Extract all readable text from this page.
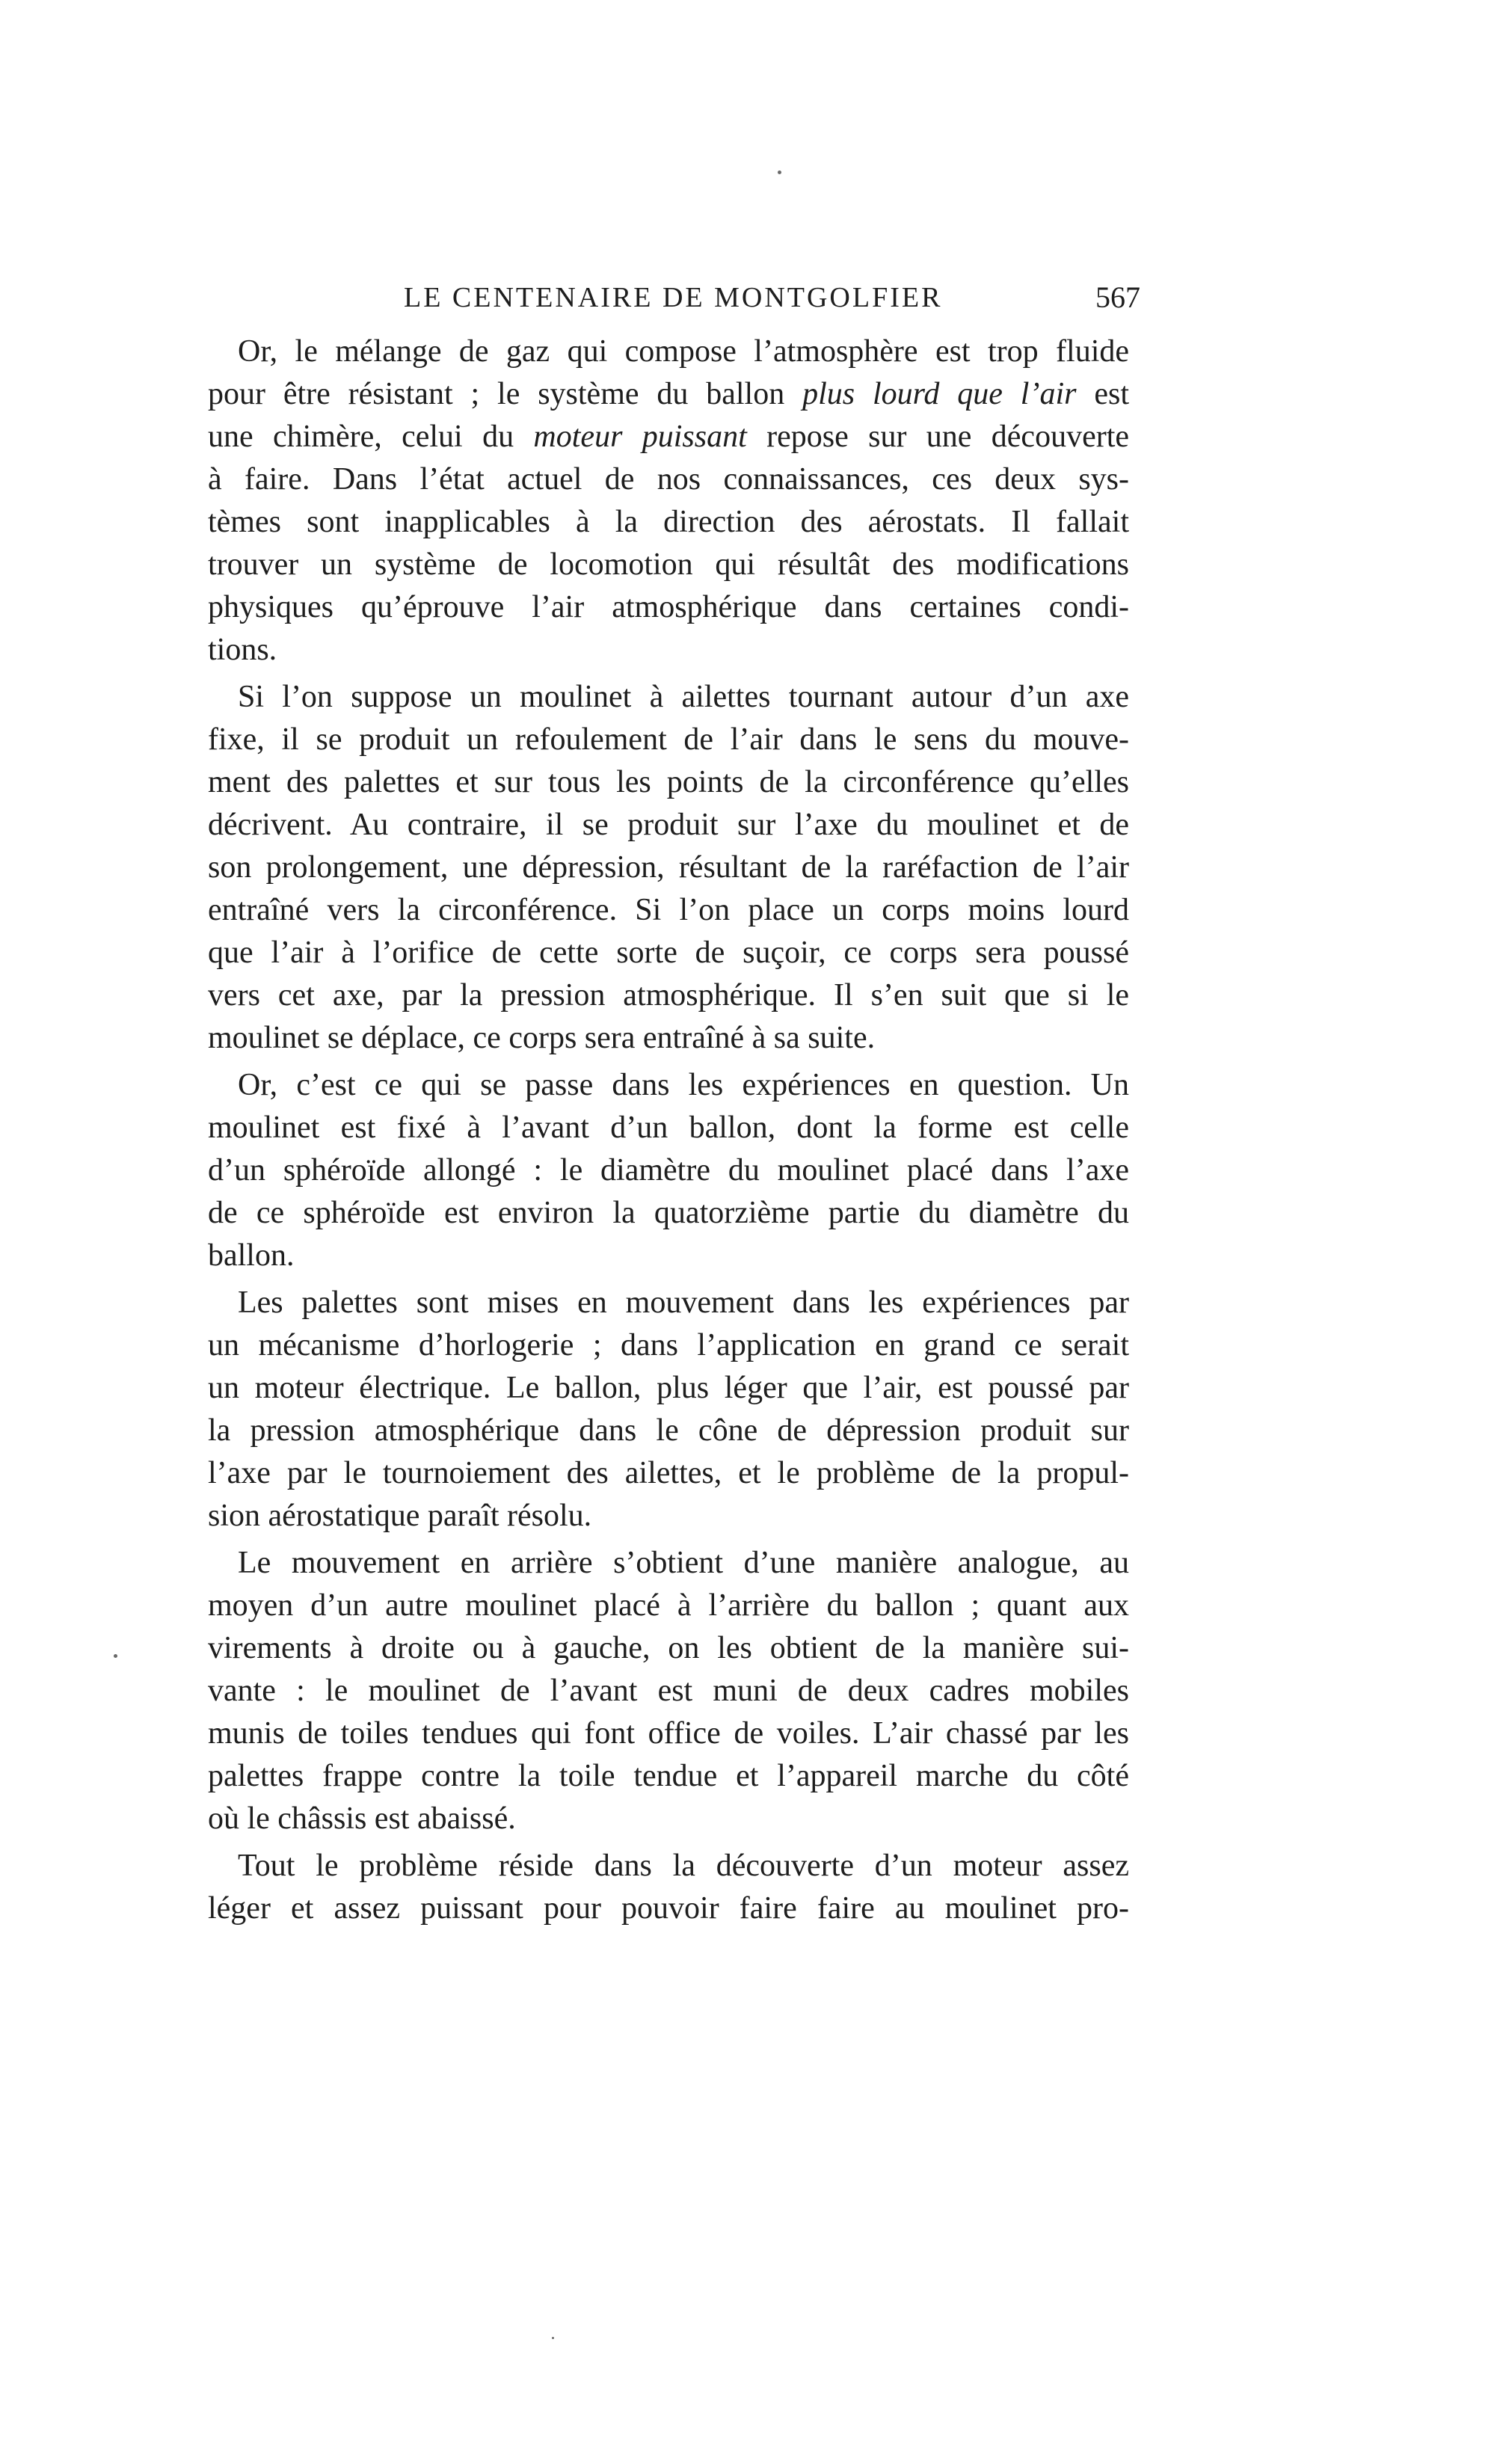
LE CENTENAIRE DE MONTGOLFIER	567

Or, le mélange de gaz qui compose l’atmosphère est trop fluide
pour être résistant ; le système du ballon plus lourd que l’air est
une chimère, celui du moteur puissant repose sur une découverte
à faire. Dans l’état actuel de nos connaissances, ces deux sys-
tèmes sont inapplicables à la direction des aérostats. Il fallait
trouver un système de locomotion qui résultât des modifications
physiques qu’éprouve l’air atmosphérique dans certaines condi-
tions.

Si l’on suppose un moulinet à ailettes tournant autour d’un axe
fixe, il se produit un refoulement de l’air dans le sens du mouve-
ment des palettes et sur tous les points de la circonférence qu’elles
décrivent. Au contraire, il se produit sur l’axe du moulinet et de
son prolongement, une dépression, résultant de la raréfaction de l’air
entraîné vers la circonférence. Si l’on place un corps moins lourd
que l’air à l’orifice de cette sorte de suçoir, ce corps sera poussé
vers cet axe, par la pression atmosphérique. Il s’en suit que si le
moulinet se déplace, ce corps sera entraîné à sa suite.

Or, c’est ce qui se passe dans les expériences en question. Un
moulinet est fixé à l’avant d’un ballon, dont la forme est celle
d’un sphéroïde allongé : le diamètre du moulinet placé dans l’axe
de ce sphéroïde est environ la quatorzième partie du diamètre du
ballon.

Les palettes sont mises en mouvement dans les expériences par
un mécanisme d’horlogerie ; dans l’application en grand ce serait
un moteur électrique. Le ballon, plus léger que l’air, est poussé par
la pression atmosphérique dans le cône de dépression produit sur
l’axe par le tournoiement des ailettes, et le problème de la propul-
sion aérostatique paraît résolu.

Le mouvement en arrière s’obtient d’une manière analogue, au
moyen d’un autre moulinet placé à l’arrière du ballon ; quant aux
virements à droite ou à gauche, on les obtient de la manière sui-
vante : le moulinet de l’avant est muni de deux cadres mobiles
munis de toiles tendues qui font office de voiles. L’air chassé par les
palettes frappe contre la toile tendue et l’appareil marche du côté
où le châssis est abaissé.

Tout le problème réside dans la découverte d’un moteur assez
léger et assez puissant pour pouvoir faire faire au moulinet pro-
